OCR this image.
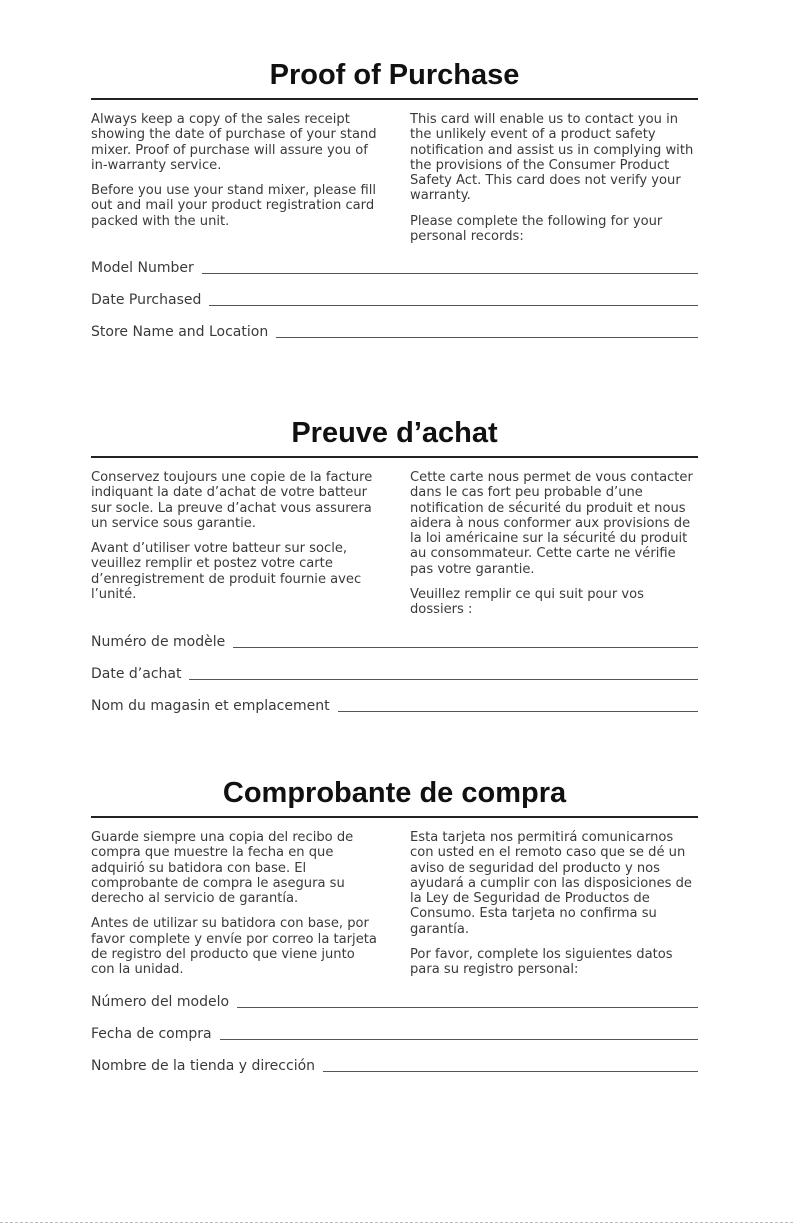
Proof of Purchase

Always keep a copy of the sales receipt showing the date of purchase of your stand mixer. Proof of purchase will assure you of in-warranty service.

Before you use your stand mixer, please fill out and mail your product registration card packed with the unit.

This card will enable us to contact you in the unlikely event of a product safety notification and assist us in complying with the provisions of the Consumer Product Safety Act. This card does not verify your warranty.

Please complete the following for your personal records:

Model Number
Date Purchased
Store Name and Location
Preuve d’achat

Conservez toujours une copie de la facture indiquant la date d’achat de votre batteur sur socle. La preuve d’achat vous assurera un service sous garantie.

Avant d’utiliser votre batteur sur socle, veuillez remplir et postez votre carte d’enregistrement de produit fournie avec l’unité.

Cette carte nous permet de vous contacter dans le cas fort peu probable d’une notification de sécurité du produit et nous aidera à nous conformer aux provisions de la loi américaine sur la sécurité du produit au consommateur. Cette carte ne vérifie pas votre garantie.

Veuillez remplir ce qui suit pour vos dossiers :

Numéro de modèle
Date d’achat
Nom du magasin et emplacement
Comprobante de compra

Guarde siempre una copia del recibo de compra que muestre la fecha en que adquirió su batidora con base. El comprobante de compra le asegura su derecho al servicio de garantía.

Antes de utilizar su batidora con base, por favor complete y envíe por correo la tarjeta de registro del producto que viene junto con la unidad.

Esta tarjeta nos permitirá comunicarnos con usted en el remoto caso que se dé un aviso de seguridad del producto y nos ayudará a cumplir con las disposiciones de la Ley de Seguridad de Productos de Consumo. Esta tarjeta no confirma su garantía.

Por favor, complete los siguientes datos para su registro personal:

Número del modelo
Fecha de compra
Nombre de la tienda y dirección
